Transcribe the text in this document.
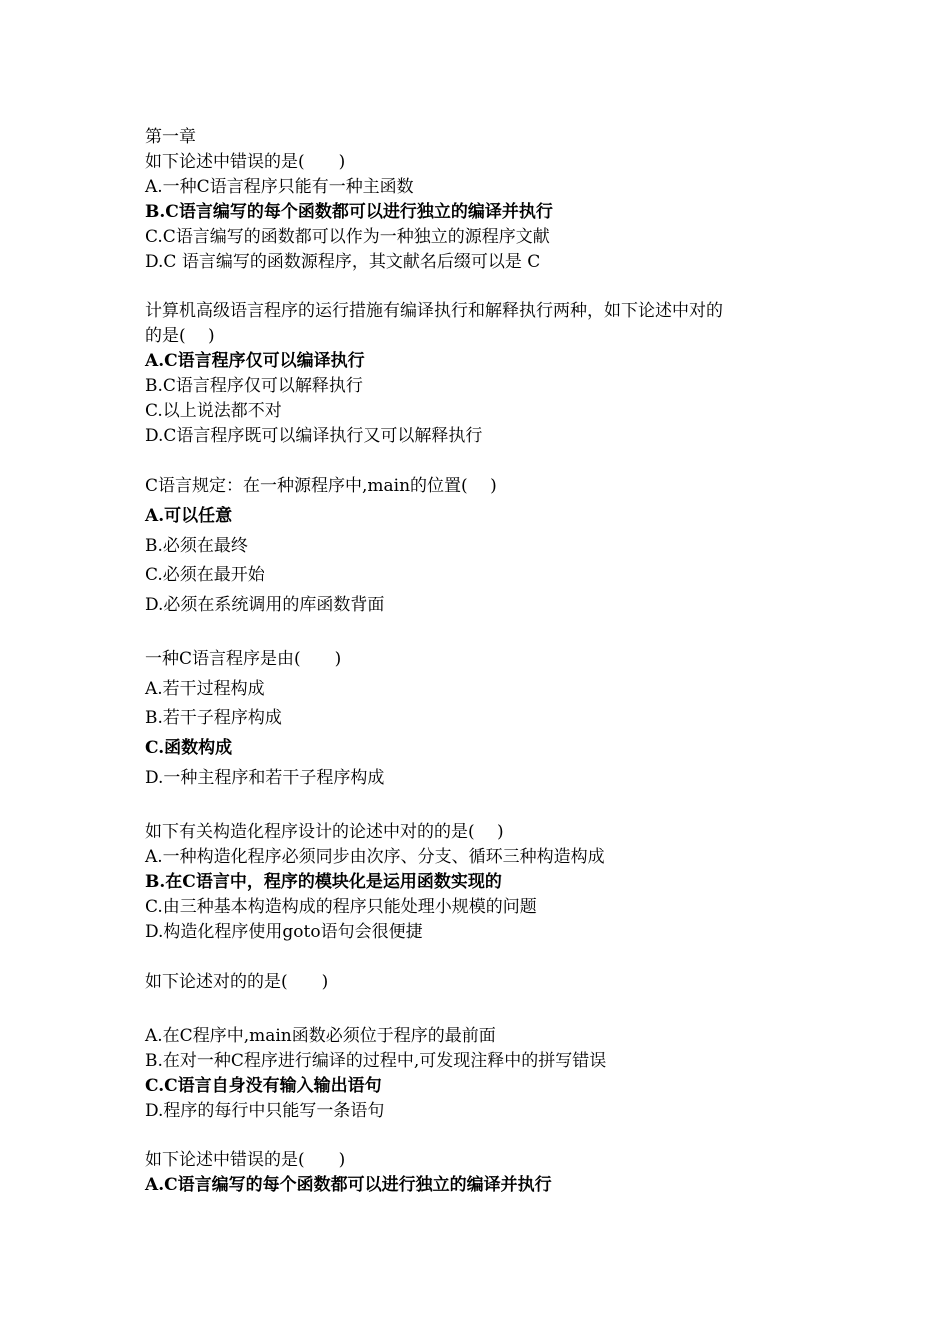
第一章
如下论述中错误的是(　　)
A.一种C语言程序只能有一种主函数
B.C语言编写的每个函数都可以进行独立的编译并执行
C.C语言编写的函数都可以作为一种独立的源程序文献
D.C 语言编写的函数源程序，其文献名后缀可以是 C
计算机高级语言程序的运行措施有编译执行和解释执行两种，如下论述中对的
的是(　 )
A.C语言程序仅可以编译执行
B.C语言程序仅可以解释执行
C.以上说法都不对
D.C语言程序既可以编译执行又可以解释执行
C语言规定：在一种源程序中,main的位置(　 )
A.可以任意
B.必须在最终
C.必须在最开始
D.必须在系统调用的库函数背面
一种C语言程序是由(　　)
A.若干过程构成
B.若干子程序构成
C.函数构成
D.一种主程序和若干子程序构成
如下有关构造化程序设计的论述中对的的是(　 )
A.一种构造化程序必须同步由次序、分支、循环三种构造构成
B.在C语言中，程序的模块化是运用函数实现的
C.由三种基本构造构成的程序只能处理小规模的问题
D.构造化程序使用goto语句会很便捷
如下论述对的的是(　　)
A.在C程序中,main函数必须位于程序的最前面
B.在对一种C程序进行编译的过程中,可发现注释中的拼写错误
C.C语言自身没有输入输出语句
D.程序的每行中只能写一条语句
如下论述中错误的是(　　)
A.C语言编写的每个函数都可以进行独立的编译并执行
